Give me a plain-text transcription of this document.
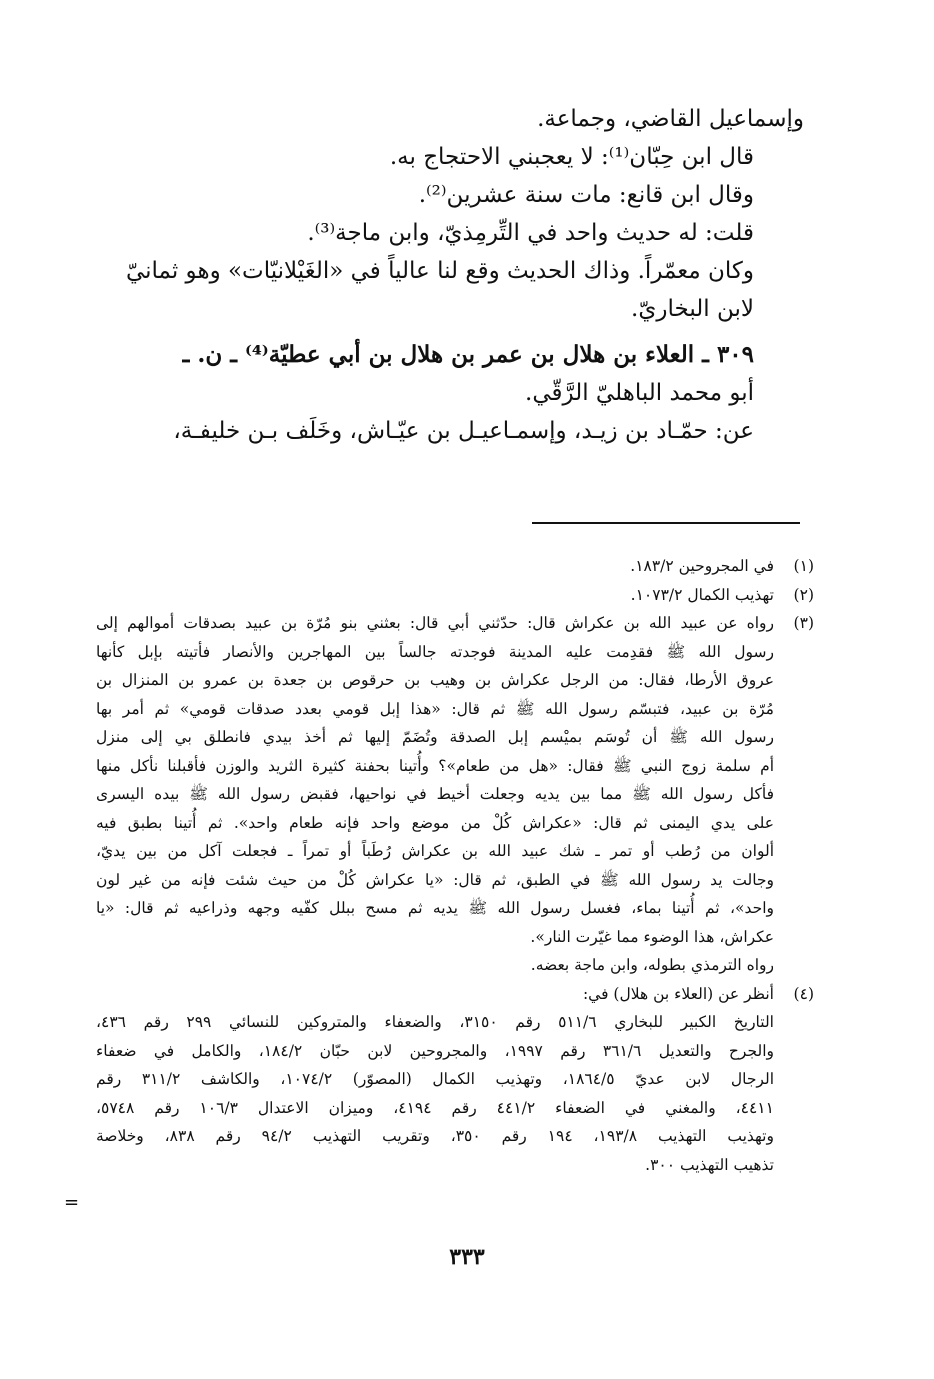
وإسماعيل القاضي، وجماعة.

قال ابن حِبّان⁽¹⁾: لا يعجبني الاحتجاج به.

وقال ابن قانع: مات سنة عشرين⁽²⁾.

قلت: له حديث واحد في التِّرمِذيّ، وابن ماجة⁽³⁾.

وكان معمّراً. وذاك الحديث وقع لنا عالياً في «الغَيْلانيّات» وهو ثمانيّ لابن البخاريّ.

٣٠٩ ـ العلاء بن هلال بن عمر بن هلال بن أبي عطيّة⁽⁴⁾ ـ ن. ـ

أبو محمد الباهليّ الرَّقّي.

عن: حمّـاد بن زيـد، وإسمـاعيـل بن عيّـاش، وخَلَف بـن خليفـة،

(١)
في المجروحين ١٨٣/٢.
(٢)
تهذيب الكمال ١٠٧٣/٢.
(٣)
رواه عن عبيد الله بن عكراش قال: حدّثني أبي قال: بعثني بنو مُرّة بن عبيد بصدقات أموالهم إلى
رسول الله ﷺ فقدِمت عليه المدينة فوجدته جالساً بين المهاجرين والأنصار فأتيته بإبل كأنها
عروق الأرطا، فقال: من الرجل عكراش بن وهيب بن حرقوص بن جعدة بن عمرو بن المنزال بن
مُرّة بن عبيد، فتبسّم رسول الله ﷺ ثم قال: «هذا إبل قومي بعدد صدقات قومي» ثم أمر بها
رسول الله ﷺ أن تُوسَم بميْسم إبل الصدقة وتُضَمّ إليها ثم أخذ بيدي فانطلق بي إلى منزل
أم سلمة زوج النبي ﷺ فقال: «هل من طعام»؟ وأُتينا بحفنة كثيرة الثريد والوزن فأقبلنا نأكل منها
فأكل رسول الله ﷺ مما بين يديه وجعلت أخيط في نواحيها، فقبض رسول الله ﷺ بيده اليسرى
على يدي اليمنى ثم قال: «عكراش كُلْ من موضع واحد فإنه طعام واحد». ثم أُتينا بطبق فيه
ألوان من رُطب أو تمر ـ شك عبيد الله بن عكراش رُطَباً أو تمراً ـ فجعلت آكل من بين يديّ،
وجالت يد رسول الله ﷺ في الطبق، ثم قال: «يا عكراش كُلْ من حيث شئت فإنه من غير لون
واحد»، ثم أُتينا بماء، فغسل رسول الله ﷺ يديه ثم مسح ببلل كفّيه وجهه وذراعيه ثم قال: «يا
عكراش، هذا الوضوء مما غيّرت النار».
رواه الترمذي بطوله، وابن ماجة بعضه.
(٤)
أنظر عن (العلاء بن هلال) في:
التاريخ الكبير للبخاري ٥١١/٦ رقم ٣١٥٠، والضعفاء والمتروكين للنسائي ٢٩٩ رقم ٤٣٦،
والجرح والتعديل ٣٦١/٦ رقم ١٩٩٧، والمجروحين لابن حبّان ١٨٤/٢، والكامل في ضعفاء
الرجال لابن عديّ ١٨٦٤/٥، وتهذيب الكمال (المصوّر) ١٠٧٤/٢، والكاشف ٣١١/٢ رقم
٤٤١١، والمغني في الضعفاء ٤٤١/٢ رقم ٤١٩٤، وميزان الاعتدال ١٠٦/٣ رقم ٥٧٤٨،
وتهذيب التهذيب ١٩٣/٨، ١٩٤ رقم ٣٥٠، وتقريب التهذيب ٩٤/٢ رقم ٨٣٨، وخلاصة
تذهيب التهذيب ٣٠٠.
=
٣٣٣
